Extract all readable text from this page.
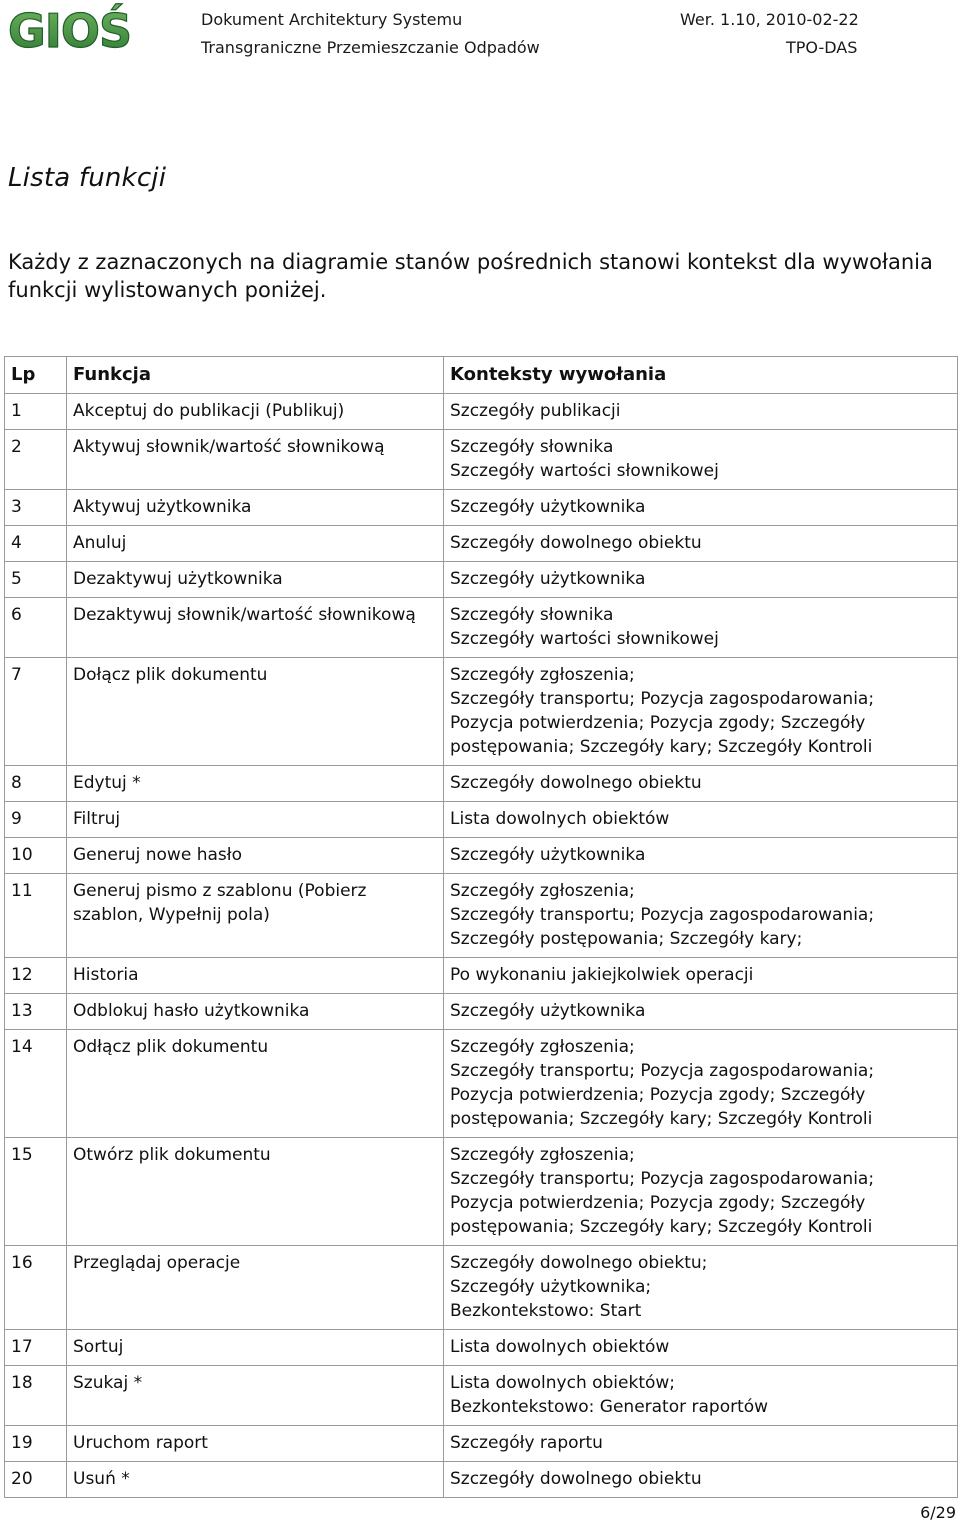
GIOŚ	Dokument Architektury Systemu	Wer. 1.10, 2010-02-22
Transgraniczne Przemieszczanie Odpadów	TPO-DAS
Lista funkcji
Każdy z zaznaczonych na diagramie stanów pośrednich stanowi kontekst dla wywołania funkcji wylistowanych poniżej.
Lp	Funkcja	Konteksty wywołania
1	Akceptuj do publikacji (Publikuj)	Szczegóły publikacji

2	Aktywuj słownik/wartość słownikową	Szczegóły słownika
Szczegóły wartości słownikowej

3	Aktywuj użytkownika	Szczegóły użytkownika

4	Anuluj	Szczegóły dowolnego obiektu

5	Dezaktywuj użytkownika	Szczegóły użytkownika

6	Dezaktywuj słownik/wartość słownikową	Szczegóły słownika
Szczegóły wartości słownikowej

7	Dołącz plik dokumentu	Szczegóły zgłoszenia;
Szczegóły transportu; Pozycja zagospodarowania;
Pozycja potwierdzenia; Pozycja zgody; Szczegóły
postępowania; Szczegóły kary; Szczegóły Kontroli

8	Edytuj *	Szczegóły dowolnego obiektu

9	Filtruj	Lista dowolnych obiektów

10	Generuj nowe hasło	Szczegóły użytkownika

11	Generuj pismo z szablonu (Pobierz szablon, Wypełnij pola)	Szczegóły zgłoszenia;
Szczegóły transportu; Pozycja zagospodarowania;
Szczegóły postępowania; Szczegóły kary;

12	Historia	Po wykonaniu jakiejkolwiek operacji

13	Odblokuj hasło użytkownika	Szczegóły użytkownika

14	Odłącz plik dokumentu	Szczegóły zgłoszenia;
Szczegóły transportu; Pozycja zagospodarowania;
Pozycja potwierdzenia; Pozycja zgody; Szczegóły
postępowania; Szczegóły kary; Szczegóły Kontroli

15	Otwórz plik dokumentu	Szczegóły zgłoszenia;
Szczegóły transportu; Pozycja zagospodarowania;
Pozycja potwierdzenia; Pozycja zgody; Szczegóły
postępowania; Szczegóły kary; Szczegóły Kontroli

16	Przeglądaj operacje	Szczegóły dowolnego obiektu;
Szczegóły użytkownika;
Bezkontekstowo: Start

17	Sortuj	Lista dowolnych obiektów

18	Szukaj *	Lista dowolnych obiektów;
Bezkontekstowo: Generator raportów

19	Uruchom raport	Szczegóły raportu

20	Usuń *	Szczegóły dowolnego obiektu
6/29
